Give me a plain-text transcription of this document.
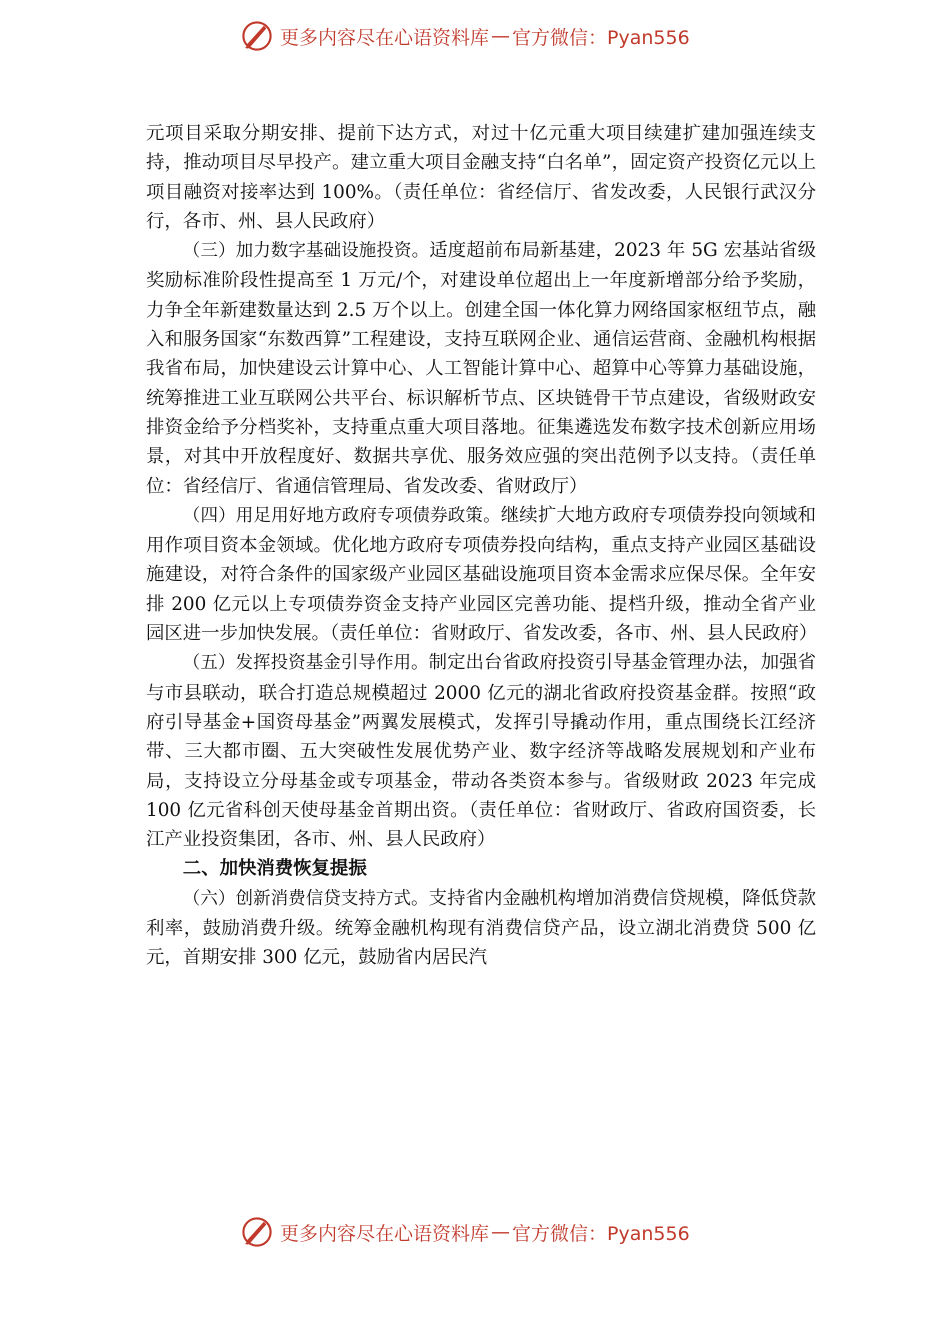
更多内容尽在心语资料库 — 官方微信：Pyan556

元项目采取分期安排、提前下达方式，对过十亿元重大项目续建扩建加强连续支持，推动项目尽早投产。建立重大项目金融支持“白名单”，固定资产投资亿元以上项目融资对接率达到 100%。（责任单位：省经信厅、省发改委，人民银行武汉分行，各市、州、县人民政府）

（三）加力数字基础设施投资。适度超前布局新基建，2023 年 5G 宏基站省级奖励标准阶段性提高至 1 万元/个，对建设单位超出上一年度新增部分给予奖励，力争全年新建数量达到 2.5 万个以上。创建全国一体化算力网络国家枢纽节点，融入和服务国家“东数西算”工程建设，支持互联网企业、通信运营商、金融机构根据我省布局，加快建设云计算中心、人工智能计算中心、超算中心等算力基础设施，统筹推进工业互联网公共平台、标识解析节点、区块链骨干节点建设，省级财政安排资金给予分档奖补，支持重点重大项目落地。征集遴选发布数字技术创新应用场景，对其中开放程度好、数据共享优、服务效应强的突出范例予以支持。（责任单位：省经信厅、省通信管理局、省发改委、省财政厅）

（四）用足用好地方政府专项债券政策。继续扩大地方政府专项债券投向领域和用作项目资本金领域。优化地方政府专项债券投向结构，重点支持产业园区基础设施建设，对符合条件的国家级产业园区基础设施项目资本金需求应保尽保。全年安排 200 亿元以上专项债券资金支持产业园区完善功能、提档升级，推动全省产业园区进一步加快发展。（责任单位：省财政厅、省发改委，各市、州、县人民政府）

（五）发挥投资基金引导作用。制定出台省政府投资引导基金管理办法，加强省与市县联动，联合打造总规模超过 2000 亿元的湖北省政府投资基金群。按照“政府引导基金+国资母基金”两翼发展模式，发挥引导撬动作用，重点围绕长江经济带、三大都市圈、五大突破性发展优势产业、数字经济等战略发展规划和产业布局，支持设立分母基金或专项基金，带动各类资本参与。省级财政 2023 年完成 100 亿元省科创天使母基金首期出资。（责任单位：省财政厅、省政府国资委，长江产业投资集团，各市、州、县人民政府）

二、加快消费恢复提振

（六）创新消费信贷支持方式。支持省内金融机构增加消费信贷规模，降低贷款利率，鼓励消费升级。统筹金融机构现有消费信贷产品，设立湖北消费贷 500 亿元，首期安排 300 亿元，鼓励省内居民汽

更多内容尽在心语资料库 — 官方微信：Pyan556
